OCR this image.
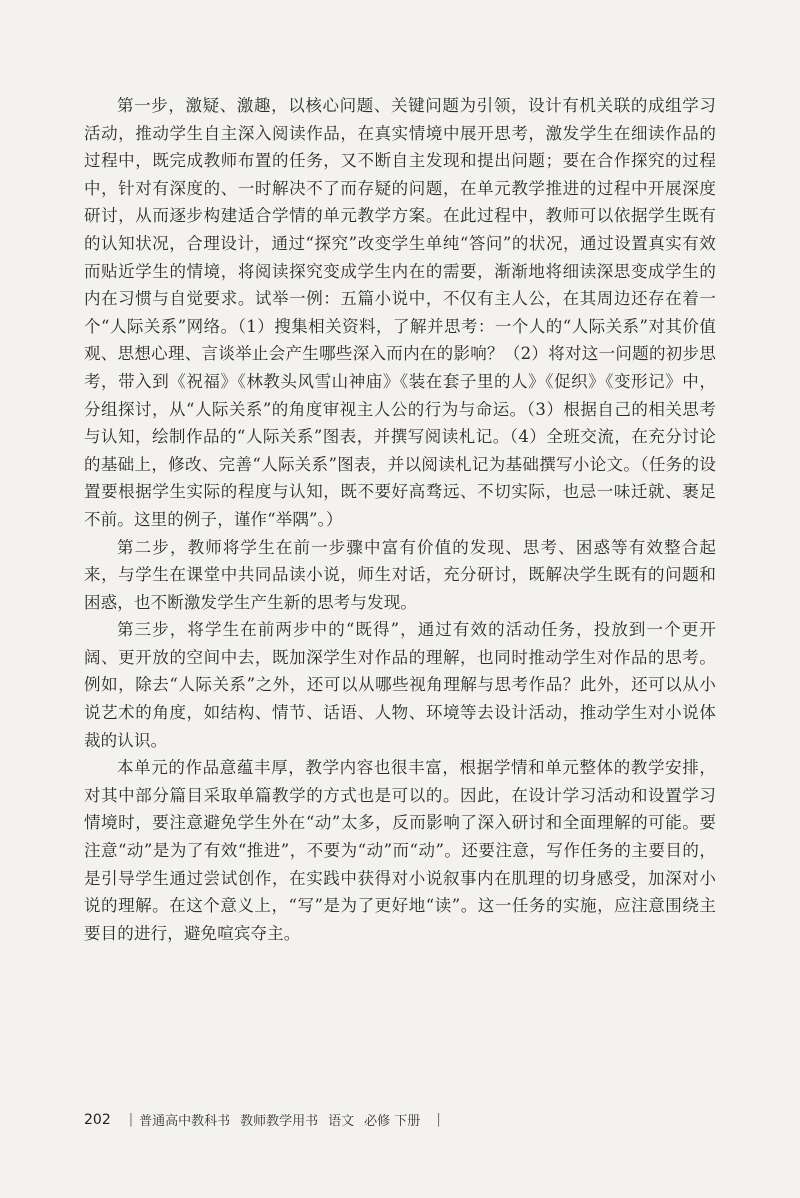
第一步，激疑、激趣，以核心问题、关键问题为引领，设计有机关联的成组学习活动，推动学生自主深入阅读作品，在真实情境中展开思考，激发学生在细读作品的过程中，既完成教师布置的任务，又不断自主发现和提出问题；要在合作探究的过程中，针对有深度的、一时解决不了而存疑的问题，在单元教学推进的过程中开展深度研讨，从而逐步构建适合学情的单元教学方案。在此过程中，教师可以依据学生既有的认知状况，合理设计，通过“探究”改变学生单纯“答问”的状况，通过设置真实有效而贴近学生的情境，将阅读探究变成学生内在的需要，渐渐地将细读深思变成学生的内在习惯与自觉要求。试举一例：五篇小说中，不仅有主人公，在其周边还存在着一个“人际关系”网络。（1）搜集相关资料，了解并思考：一个人的“人际关系”对其价值观、思想心理、言谈举止会产生哪些深入而内在的影响？（2）将对这一问题的初步思考，带入到《祝福》《林教头风雪山神庙》《装在套子里的人》《促织》《变形记》中，分组探讨，从“人际关系”的角度审视主人公的行为与命运。（3）根据自己的相关思考与认知，绘制作品的“人际关系”图表，并撰写阅读札记。（4）全班交流，在充分讨论的基础上，修改、完善“人际关系”图表，并以阅读札记为基础撰写小论文。（任务的设置要根据学生实际的程度与认知，既不要好高骛远、不切实际，也忌一味迁就、裹足不前。这里的例子，谨作“举隅”。）

第二步，教师将学生在前一步骤中富有价值的发现、思考、困惑等有效整合起来，与学生在课堂中共同品读小说，师生对话，充分研讨，既解决学生既有的问题和困惑，也不断激发学生产生新的思考与发现。

第三步，将学生在前两步中的“既得”，通过有效的活动任务，投放到一个更开阔、更开放的空间中去，既加深学生对作品的理解，也同时推动学生对作品的思考。例如，除去“人际关系”之外，还可以从哪些视角理解与思考作品？此外，还可以从小说艺术的角度，如结构、情节、话语、人物、环境等去设计活动，推动学生对小说体裁的认识。

本单元的作品意蕴丰厚，教学内容也很丰富，根据学情和单元整体的教学安排，对其中部分篇目采取单篇教学的方式也是可以的。因此，在设计学习活动和设置学习情境时，要注意避免学生外在“动”太多，反而影响了深入研讨和全面理解的可能。要注意“动”是为了有效“推进”，不要为“动”而“动”。还要注意，写作任务的主要目的，是引导学生通过尝试创作，在实践中获得对小说叙事内在肌理的切身感受，加深对小说的理解。在这个意义上，“写”是为了更好地“读”。这一任务的实施，应注意围绕主要目的进行，避免喧宾夺主。

202 | 普通高中教科书 教师教学用书 语文 必修 下册 |
